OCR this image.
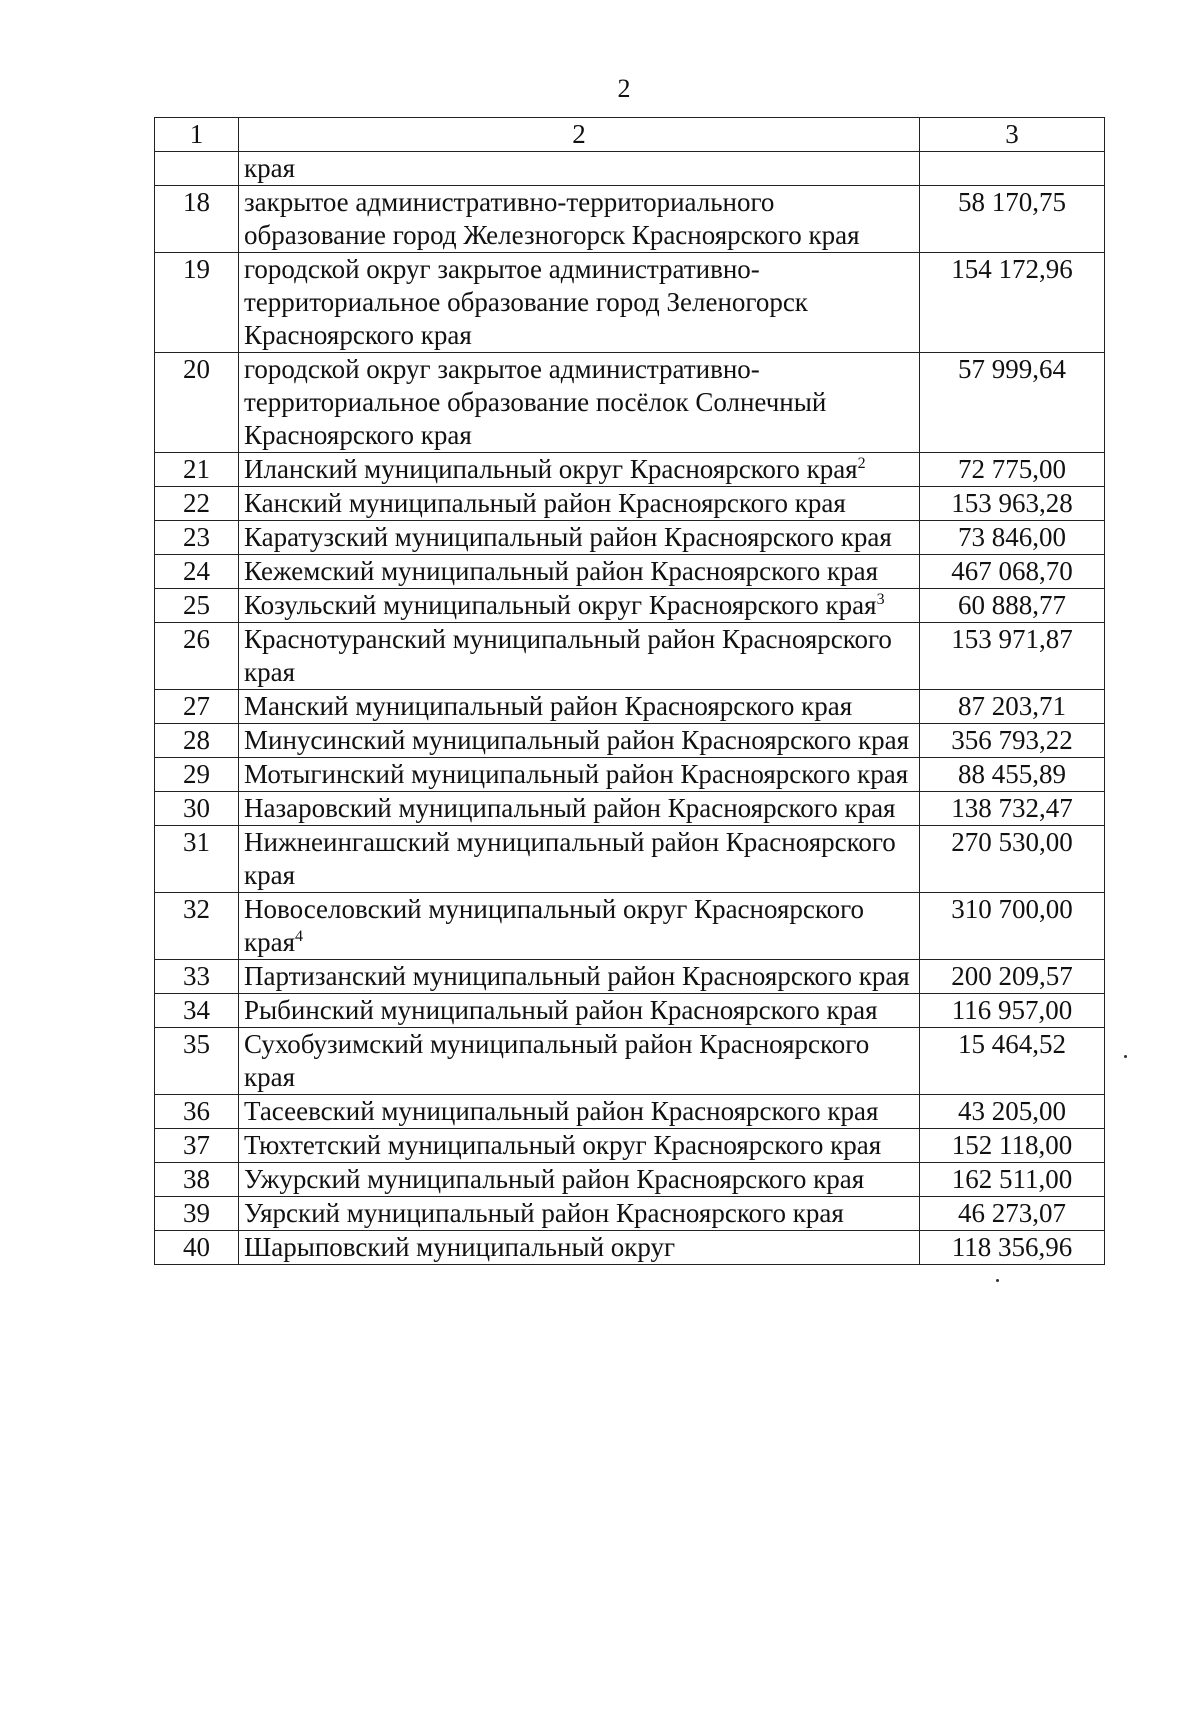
2
1	2	3
	края	
18	закрытое административно-территориального образование город Железногорск Красноярского края	58 170,75
19	городской округ закрытое административно-территориальное образование город Зеленогорск Красноярского края	154 172,96
20	городской округ закрытое административно-территориальное образование посёлок Солнечный Красноярского края	57 999,64
21	Иланский муниципальный округ Красноярского края$^2$	72 775,00
22	Канский муниципальный район Красноярского края	153 963,28
23	Каратузский муниципальный район Красноярского края	73 846,00
24	Кежемский муниципальный район Красноярского края	467 068,70
25	Козульский муниципальный округ Красноярского края$^3$	60 888,77
26	Краснотуранский муниципальный район Красноярского края	153 971,87
27	Манский муниципальный район Красноярского края	87 203,71
28	Минусинский муниципальный район Красноярского края	356 793,22
29	Мотыгинский муниципальный район Красноярского края	88 455,89
30	Назаровский муниципальный район Красноярского края	138 732,47
31	Нижнеингашский муниципальный район Красноярского края	270 530,00
32	Новоселовский муниципальный округ Красноярского края$^4$	310 700,00
33	Партизанский муниципальный район Красноярского края	200 209,57
34	Рыбинский муниципальный район Красноярского края	116 957,00
35	Сухобузимский муниципальный район Красноярского края	15 464,52
36	Тасеевский муниципальный район Красноярского края	43 205,00
37	Тюхтетский муниципальный округ Красноярского края	152 118,00
38	Ужурский муниципальный район Красноярского края	162 511,00
39	Уярский муниципальный район Красноярского края	46 273,07
40	Шарыповский муниципальный округ	118 356,96
